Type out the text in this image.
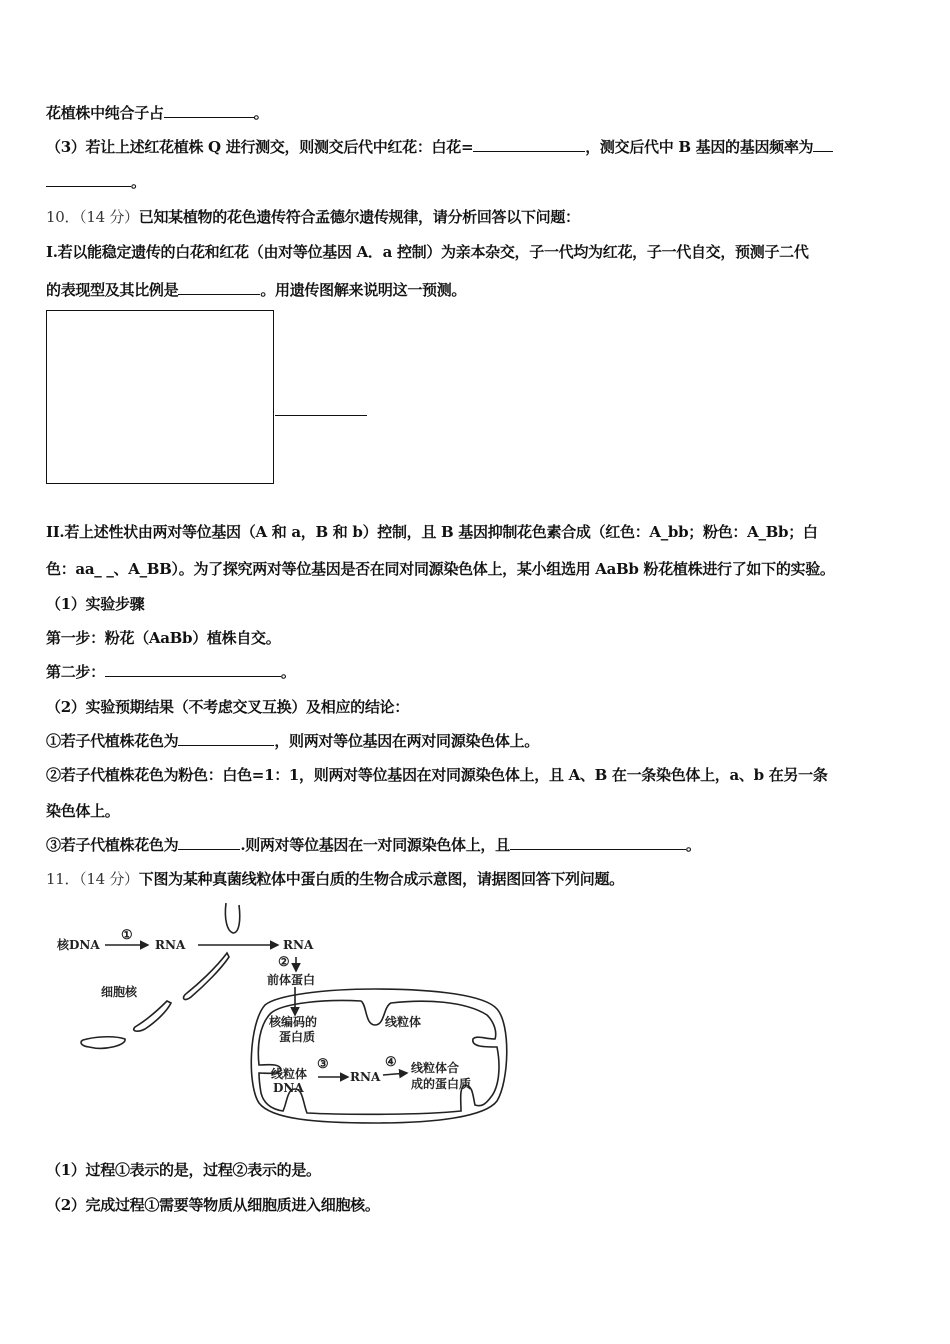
花植株中纯合子占	。
（3）若让上述红花植株 Q 进行测交，则测交后代中红花：白花=	，测交后代中 B 基因的基因频率为
。
10．（14 分）已知某植物的花色遗传符合孟德尔遗传规律，请分析回答以下问题：
I.若以能稳定遗传的白花和红花（由对等位基因 A．a 控制）为亲本杂交，子一代均为红花，子一代自交，预测子二代
的表现型及其比例是	。用遗传图解来说明这一预测。
II.若上述性状由两对等位基因（A 和 a，B 和 b）控制，且 B 基因抑制花色素合成（红色：A_bb；粉色：A_Bb；白
色：aa_ _、A_BB）。为了探究两对等位基因是否在同对同源染色体上，某小组选用 AaBb 粉花植株进行了如下的实验。
（1）实验步骤
第一步：粉花（AaBb）植株自交。
第二步：	。
（2）实验预期结果（不考虑交叉互换）及相应的结论：
①若子代植株花色为	，则两对等位基因在两对同源染色体上。
②若子代植株花色为粉色：白色=1：1，则两对等位基因在对同源染色体上，且 A、B 在一条染色体上，a、b 在另一条
染色体上。
③若子代植株花色为	.则两对等位基因在一对同源染色体上，且	。
11．（14 分）下图为某种真菌线粒体中蛋白质的生物合成示意图，请据图回答下列问题。
核DNA
①
RNA	RNA
②
前体蛋白
细胞核
核编码的
蛋白质
线粒体
线粒体
DNA
③
RNA
④ 线粒体合
成的蛋白质
（1）过程①表示的是，过程②表示的是。
（2）完成过程①需要等物质从细胞质进入细胞核。
